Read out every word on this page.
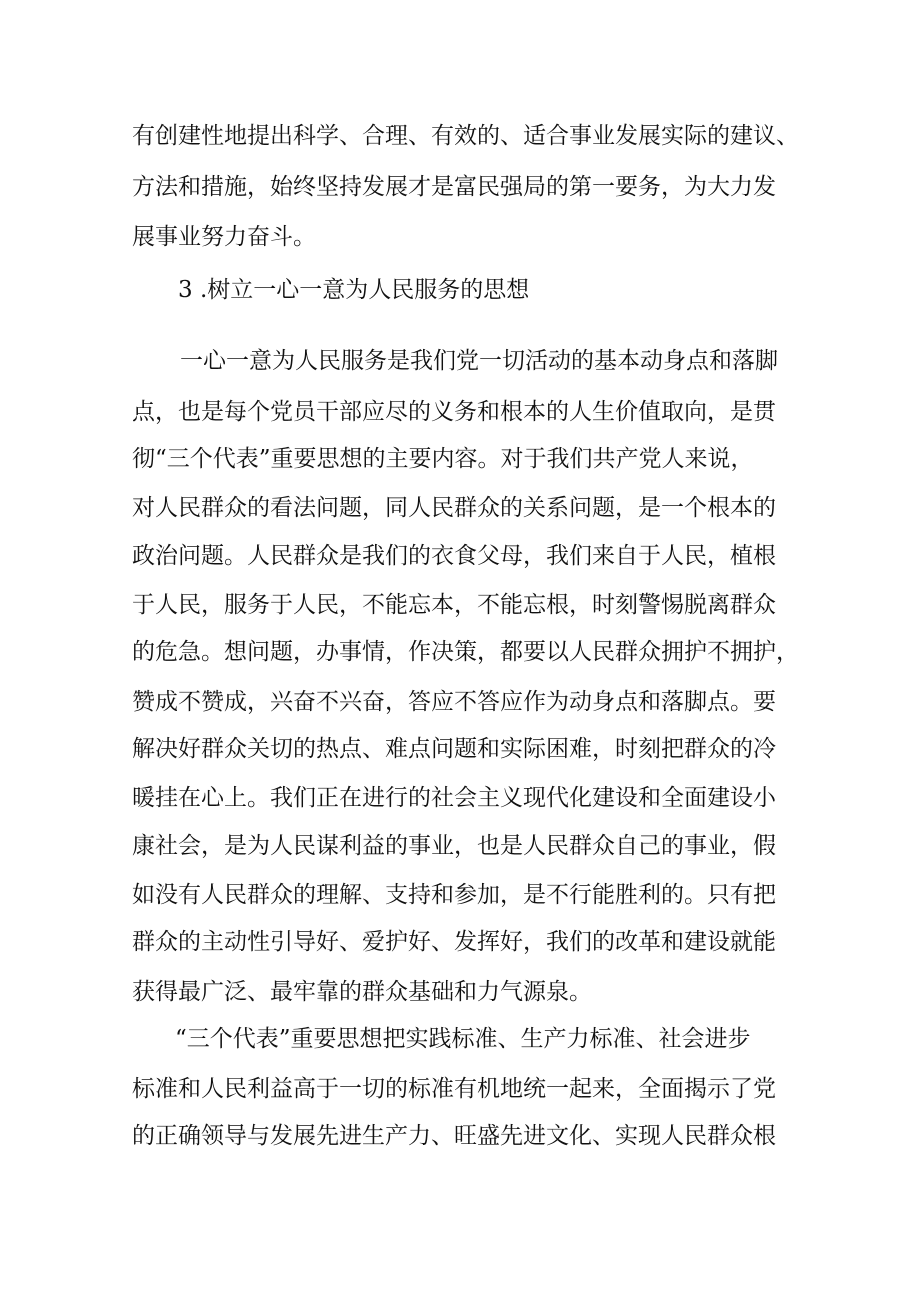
有创建性地提出科学、合理、有效的、适合事业发展实际的建议、
方法和措施，始终坚持发展才是富民强局的第一要务，为大力发
展事业努力奋斗。
3 .树立一心一意为人民服务的思想
一心一意为人民服务是我们党一切活动的基本动身点和落脚
点，也是每个党员干部应尽的义务和根本的人生价值取向，是贯
彻“三个代表”重要思想的主要内容。对于我们共产党人来说，
对人民群众的看法问题，同人民群众的关系问题，是一个根本的
政治问题。人民群众是我们的衣食父母，我们来自于人民，植根
于人民，服务于人民，不能忘本，不能忘根，时刻警惕脱离群众
的危急。想问题，办事情，作决策，都要以人民群众拥护不拥护，
赞成不赞成，兴奋不兴奋，答应不答应作为动身点和落脚点。要
解决好群众关切的热点、难点问题和实际困难，时刻把群众的冷
暖挂在心上。我们正在进行的社会主义现代化建设和全面建设小
康社会，是为人民谋利益的事业，也是人民群众自己的事业，假
如没有人民群众的理解、支持和参加，是不行能胜利的。只有把
群众的主动性引导好、爱护好、发挥好，我们的改革和建设就能
获得最广泛、最牢靠的群众基础和力气源泉。
“三个代表”重要思想把实践标准、生产力标准、社会进步
标准和人民利益高于一切的标准有机地统一起来，全面揭示了党
的正确领导与发展先进生产力、旺盛先进文化、实现人民群众根
